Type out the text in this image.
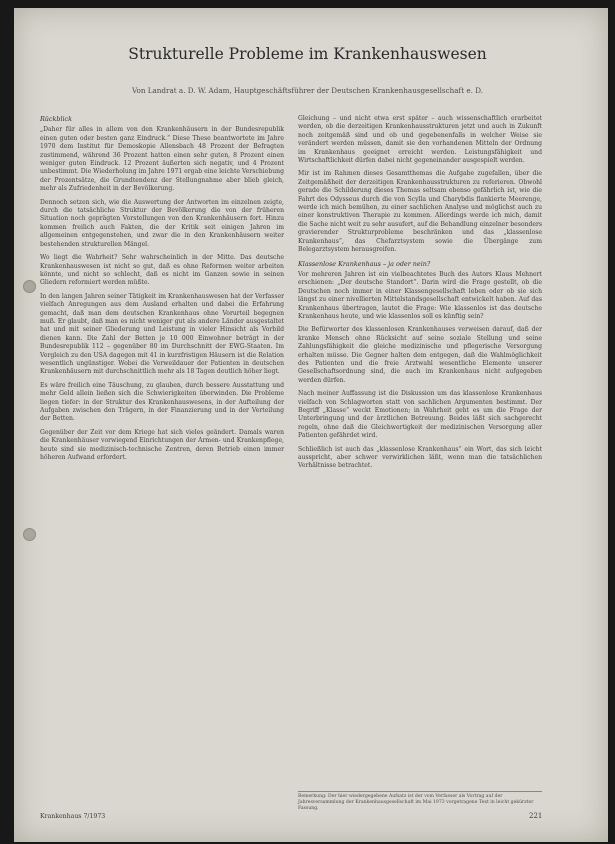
Strukturelle Probleme im Krankenhauswesen

Von Landrat a. D. W. Adam, Hauptgeschäftsführer der Deutschen Krankenhausgesellschaft e. D.

Rückblick

„Daher für alles in allem von den Krankenhäusern in der Bundesrepublik einen guten oder besten ganz Eindruck.“ Diese These beantwortete im Jahre 1970 dem Institut für Demoskopie Allensbach 48 Prozent der Befragten zustimmend, während 36 Prozent hatten einen sehr guten, 8 Prozent einen weniger guten Eindruck. 12 Prozent äußerten sich negativ, und 4 Prozent unbestimmt. Die Wiederholung im Jahre 1971 ergab eine leichte Verschiebung der Prozentsätze, die Grundtendenz der Stellungnahme aber blieb gleich, mehr als Zufriedenheit in der Bevölkerung.

Dennoch setzen sich, wie die Auswertung der Antworten im einzelnen zeigte, durch die tatsächliche Struktur der Bevölkerung die von der früheren Situation noch geprägten Vorstellungen von den Krankenhäusern fort. Hinzu kommen freilich auch Fakten, die der Kritik seit einigen Jahren im allgemeinen entgegenstehen, und zwar die in den Krankenhäusern weiter bestehenden strukturellen Mängel.

Wo liegt die Wahrheit? Sehr wahrscheinlich in der Mitte. Das deutsche Krankenhauswesen ist nicht so gut, daß es ohne Reformen weiter arbeiten könnte, und nicht so schlecht, daß es nicht im Ganzen sowie in seinen Gliedern reformiert werden müßte.

In den langen Jahren seiner Tätigkeit im Krankenhauswesen hat der Verfasser vielfach Anregungen aus dem Ausland erhalten und dabei die Erfahrung gemacht, daß man dem deutschen Krankenhaus ohne Vorurteil begegnen muß. Er glaubt, daß man es nicht weniger gut als andere Länder ausgestaltet hat und mit seiner Gliederung und Leistung in vieler Hinsicht als Vorbild dienen kann. Die Zahl der Betten je 10 000 Einwohner beträgt in der Bundesrepublik 112 – gegenüber 80 im Durchschnitt der EWG-Staaten. Im Vergleich zu den USA dagegen mit 41 in kurzfristigen Häusern ist die Relation wesentlich ungünstiger. Wobei die Verweildauer der Patienten in deutschen Krankenhäusern mit durchschnittlich mehr als 18 Tagen deutlich höher liegt.

Es wäre freilich eine Täuschung, zu glauben, durch bessere Ausstattung und mehr Geld allein ließen sich die Schwierigkeiten überwinden. Die Probleme liegen tiefer: in der Struktur des Krankenhauswesens, in der Aufteilung der Aufgaben zwischen den Trägern, in der Finanzierung und in der Verteilung der Betten.

Gegenüber der Zeit vor dem Kriege hat sich vieles geändert. Damals waren die Krankenhäuser vorwiegend Einrichtungen der Armen- und Krankenpflege, heute sind sie medizinisch-technische Zentren, deren Betrieb einen immer höheren Aufwand erfordert.

Gleichung – und nicht etwa erst später – auch wissenschaftlich erarbeitet werden, ob die derzeitigen Krankenhausstrukturen jetzt und auch in Zukunft noch zeitgemäß sind und ob und gegebenenfalls in welcher Weise sie verändert werden müssen, damit sie den vorhandenen Mitteln der Ordnung im Krankenhaus geeignet erreicht werden. Leistungsfähigkeit und Wirtschaftlichkeit dürfen dabei nicht gegeneinander ausgespielt werden.

Mir ist im Rahmen dieses Gesamtthemas die Aufgabe zugefallen, über die Zeitgemäßheit der derzeitigen Krankenhausstrukturen zu referieren. Obwohl gerade die Schilderung dieses Themas seltsam ebenso gefährlich ist, wie die Fahrt des Odysseus durch die von Scylla und Charybdis flankierte Meerenge, werde ich mich bemühen, zu einer sachlichen Analyse und möglichst auch zu einer konstruktiven Therapie zu kommen. Allerdings werde ich mich, damit die Sache nicht weit zu sehr ausufert, auf die Behandlung einzelner besonders gravierender Strukturprobleme beschränken und das „klassenlose Krankenhaus“, das Chefarztsystem sowie die Übergänge zum Belegarztsystem herausgreifen.

Klassenlose Krankenhaus – ja oder nein?

Vor mehreren Jahren ist ein vielbeachtetes Buch des Autors Klaus Mehnert erschienen: „Der deutsche Standort“. Darin wird die Frage gestellt, ob die Deutschen noch immer in einer Klassengesellschaft leben oder ob sie sich längst zu einer nivellierten Mittelstandsgesellschaft entwickelt haben. Auf das Krankenhaus übertragen, lautet die Frage: Wie klassenlos ist das deutsche Krankenhaus heute, und wie klassenlos soll es künftig sein?

Die Befürworter des klassenlosen Krankenhauses verweisen darauf, daß der kranke Mensch ohne Rücksicht auf seine soziale Stellung und seine Zahlungsfähigkeit die gleiche medizinische und pflegerische Versorgung erhalten müsse. Die Gegner halten dem entgegen, daß die Wahlmöglichkeit des Patienten und die freie Arztwahl wesentliche Elemente unserer Gesellschaftsordnung sind, die auch im Krankenhaus nicht aufgegeben werden dürfen.

Nach meiner Auffassung ist die Diskussion um das klassenlose Krankenhaus vielfach von Schlagworten statt von sachlichen Argumenten bestimmt. Der Begriff „Klasse“ weckt Emotionen; in Wahrheit geht es um die Frage der Unterbringung und der ärztlichen Betreuung. Beides läßt sich sachgerecht regeln, ohne daß die Gleichwertigkeit der medizinischen Versorgung aller Patienten gefährdet wird.

Schließlich ist auch das „klassenlose Krankenhaus“ ein Wort, das sich leicht ausspricht, aber schwer verwirklichen läßt, wenn man die tatsächlichen Verhältnisse betrachtet.

Bemerkung: Der hier wiedergegebene Aufsatz ist der vom Verfasser als Vortrag auf der Jahresversammlung der Krankenhausgesellschaft im Mai 1973 vorgetragene Text in leicht gekürzter Fassung.
Krankenhaus 7/1973	221
